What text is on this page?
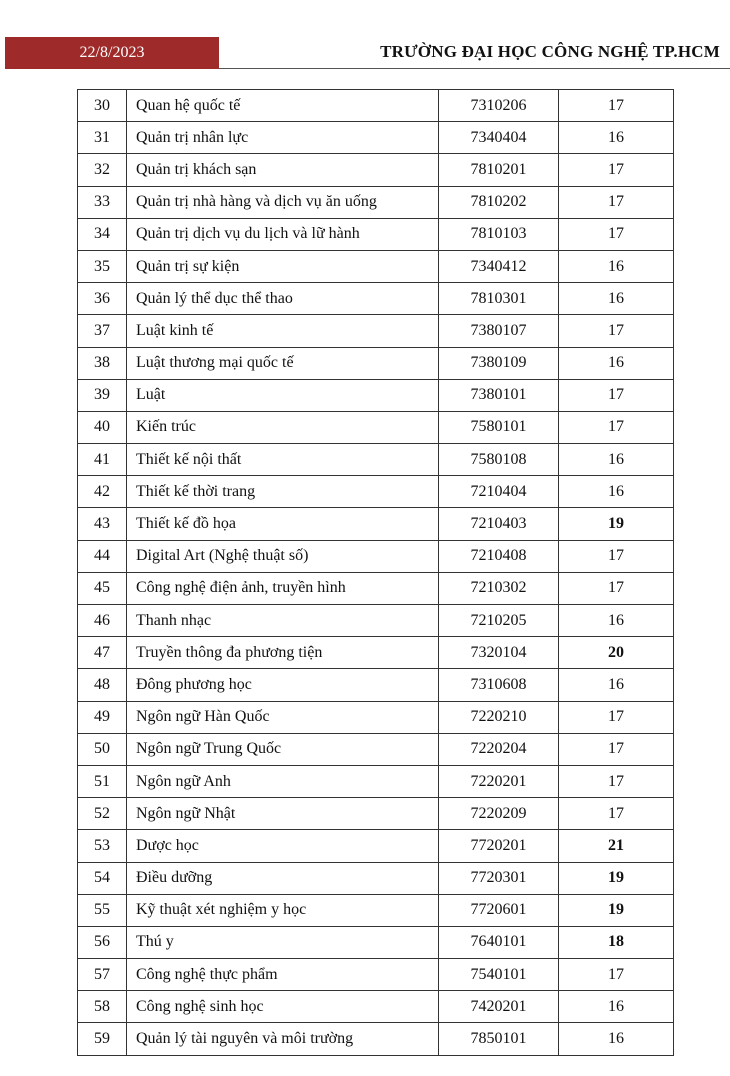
22/8/2023	TRƯỜNG ĐẠI HỌC CÔNG NGHỆ TP.HCM
30	Quan hệ quốc tế	7310206	17
31	Quản trị nhân lực	7340404	16
32	Quản trị khách sạn	7810201	17
33	Quản trị nhà hàng và dịch vụ ăn uống	7810202	17
34	Quản trị dịch vụ du lịch và lữ hành	7810103	17
35	Quản trị sự kiện	7340412	16
36	Quản lý thể dục thể thao	7810301	16
37	Luật kinh tế	7380107	17
38	Luật thương mại quốc tế	7380109	16
39	Luật	7380101	17
40	Kiến trúc	7580101	17
41	Thiết kế nội thất	7580108	16
42	Thiết kế thời trang	7210404	16
43	Thiết kế đồ họa	7210403	19
44	Digital Art (Nghệ thuật số)	7210408	17
45	Công nghệ điện ảnh, truyền hình	7210302	17
46	Thanh nhạc	7210205	16
47	Truyền thông đa phương tiện	7320104	20
48	Đông phương học	7310608	16
49	Ngôn ngữ Hàn Quốc	7220210	17
50	Ngôn ngữ Trung Quốc	7220204	17
51	Ngôn ngữ Anh	7220201	17
52	Ngôn ngữ Nhật	7220209	17
53	Dược học	7720201	21
54	Điều dưỡng	7720301	19
55	Kỹ thuật xét nghiệm y học	7720601	19
56	Thú y	7640101	18
57	Công nghệ thực phẩm	7540101	17
58	Công nghệ sinh học	7420201	16
59	Quản lý tài nguyên và môi trường	7850101	16
